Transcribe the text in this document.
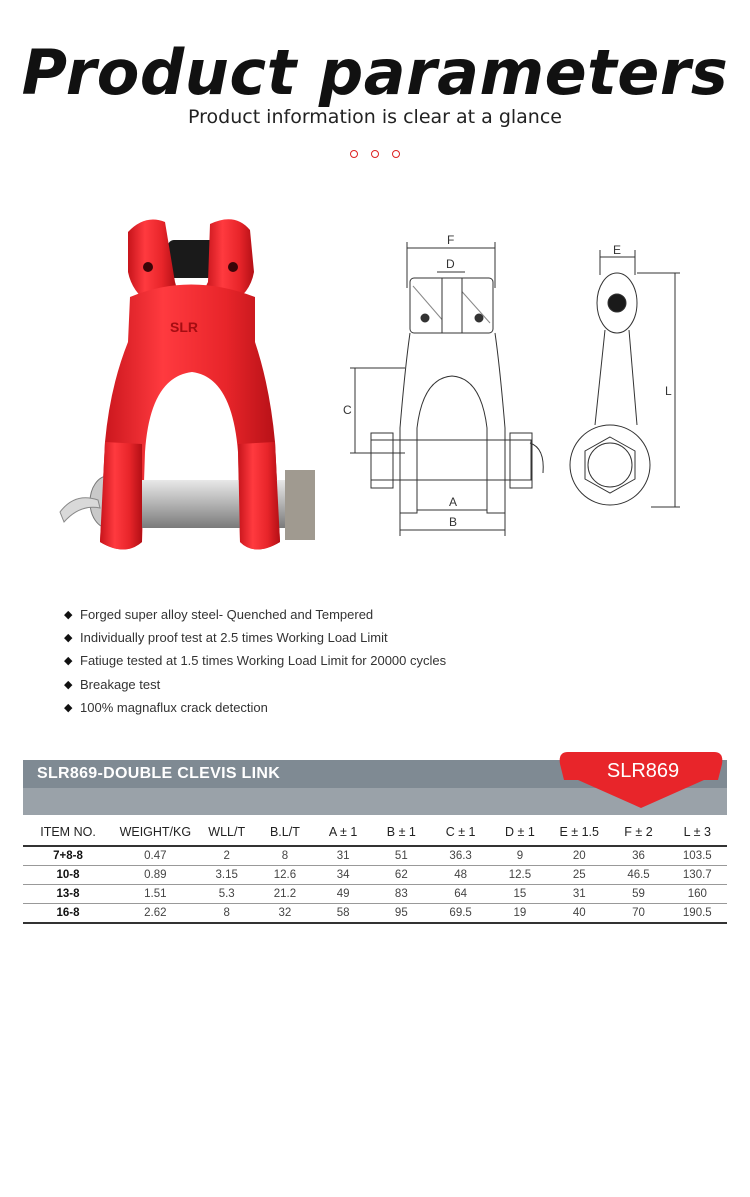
Product parameters
Product information is clear at a glance
SLR
F
D
C
A
B
E
L
◆ Forged super alloy steel- Quenched and Tempered
◆ Individually proof test at 2.5 times Working Load Limit
◆ Fatiuge tested at 1.5 times Working Load Limit for 20000 cycles
◆ Breakage test
◆ 100% magnaflux crack detection
SLR869-DOUBLE CLEVIS LINK	SLR869
ITEM NO.	WEIGHT/KG	WLL/T	B.L/T	A ± 1	B ± 1	C ± 1	D ± 1	E ± 1.5	F ± 2	L ± 3
7+8-8	0.47	2	8	31	51	36.3	9	20	36	103.5
10-8	0.89	3.15	12.6	34	62	48	12.5	25	46.5	130.7
13-8	1.51	5.3	21.2	49	83	64	15	31	59	160
16-8	2.62	8	32	58	95	69.5	19	40	70	190.5
